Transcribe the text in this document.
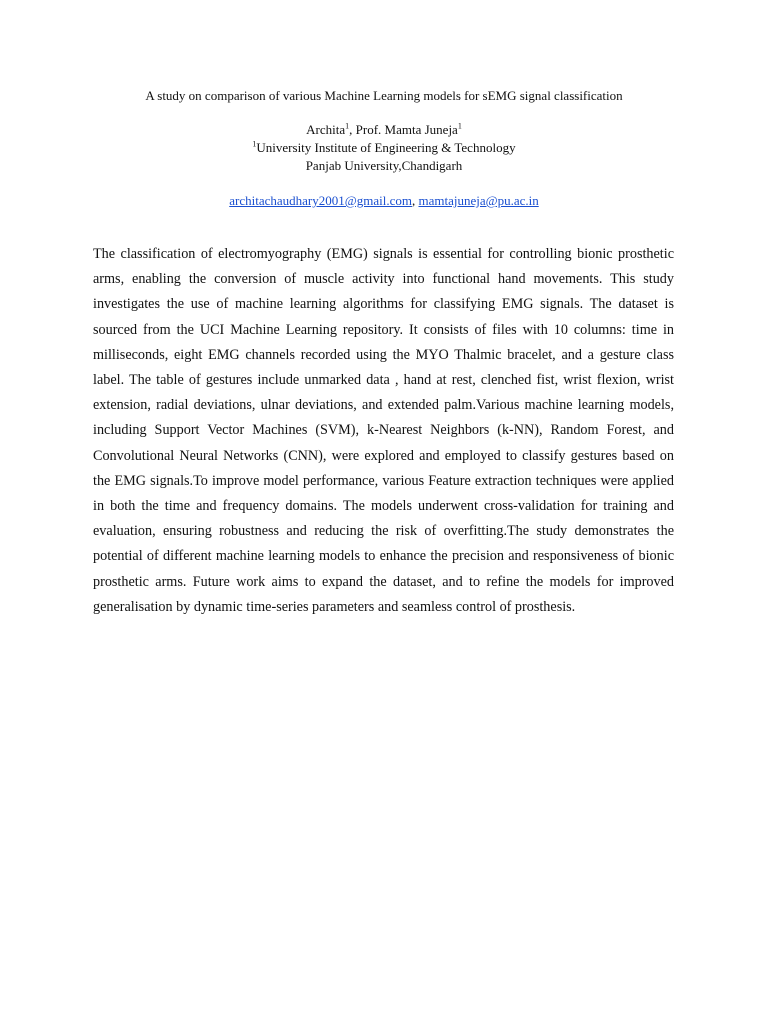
A study on comparison of various Machine Learning models for sEMG signal classification
Archita$^1$, Prof. Mamta Juneja$^1$
$^1$University Institute of Engineering & Technology
Panjab University,Chandigarh
architachaudhary2001@gmail.com, mamtajuneja@pu.ac.in

The classification of electromyography (EMG) signals is essential for controlling bionic prosthetic arms, enabling the conversion of muscle activity into functional hand movements. This study investigates the use of machine learning algorithms for classifying EMG signals. The dataset is sourced from the UCI Machine Learning repository. It consists of files with 10 columns: time in milliseconds, eight EMG channels recorded using the MYO Thalmic bracelet, and a gesture class label. The table of gestures include unmarked data , hand at rest, clenched fist, wrist flexion, wrist extension, radial deviations, ulnar deviations, and extended palm.Various machine learning models, including Support Vector Machines (SVM), k-Nearest Neighbors (k-NN), Random Forest, and Convolutional Neural Networks (CNN), were explored and employed to classify gestures based on the EMG signals.To improve model performance, various Feature extraction techniques were applied in both the time and frequency domains. The models underwent cross-validation for training and evaluation, ensuring robustness and reducing the risk of overfitting.The study demonstrates the potential of different machine learning models to enhance the precision and responsiveness of bionic prosthetic arms. Future work aims to expand the dataset, and to refine the models for improved generalisation by dynamic time-series parameters and seamless control of prosthesis.
